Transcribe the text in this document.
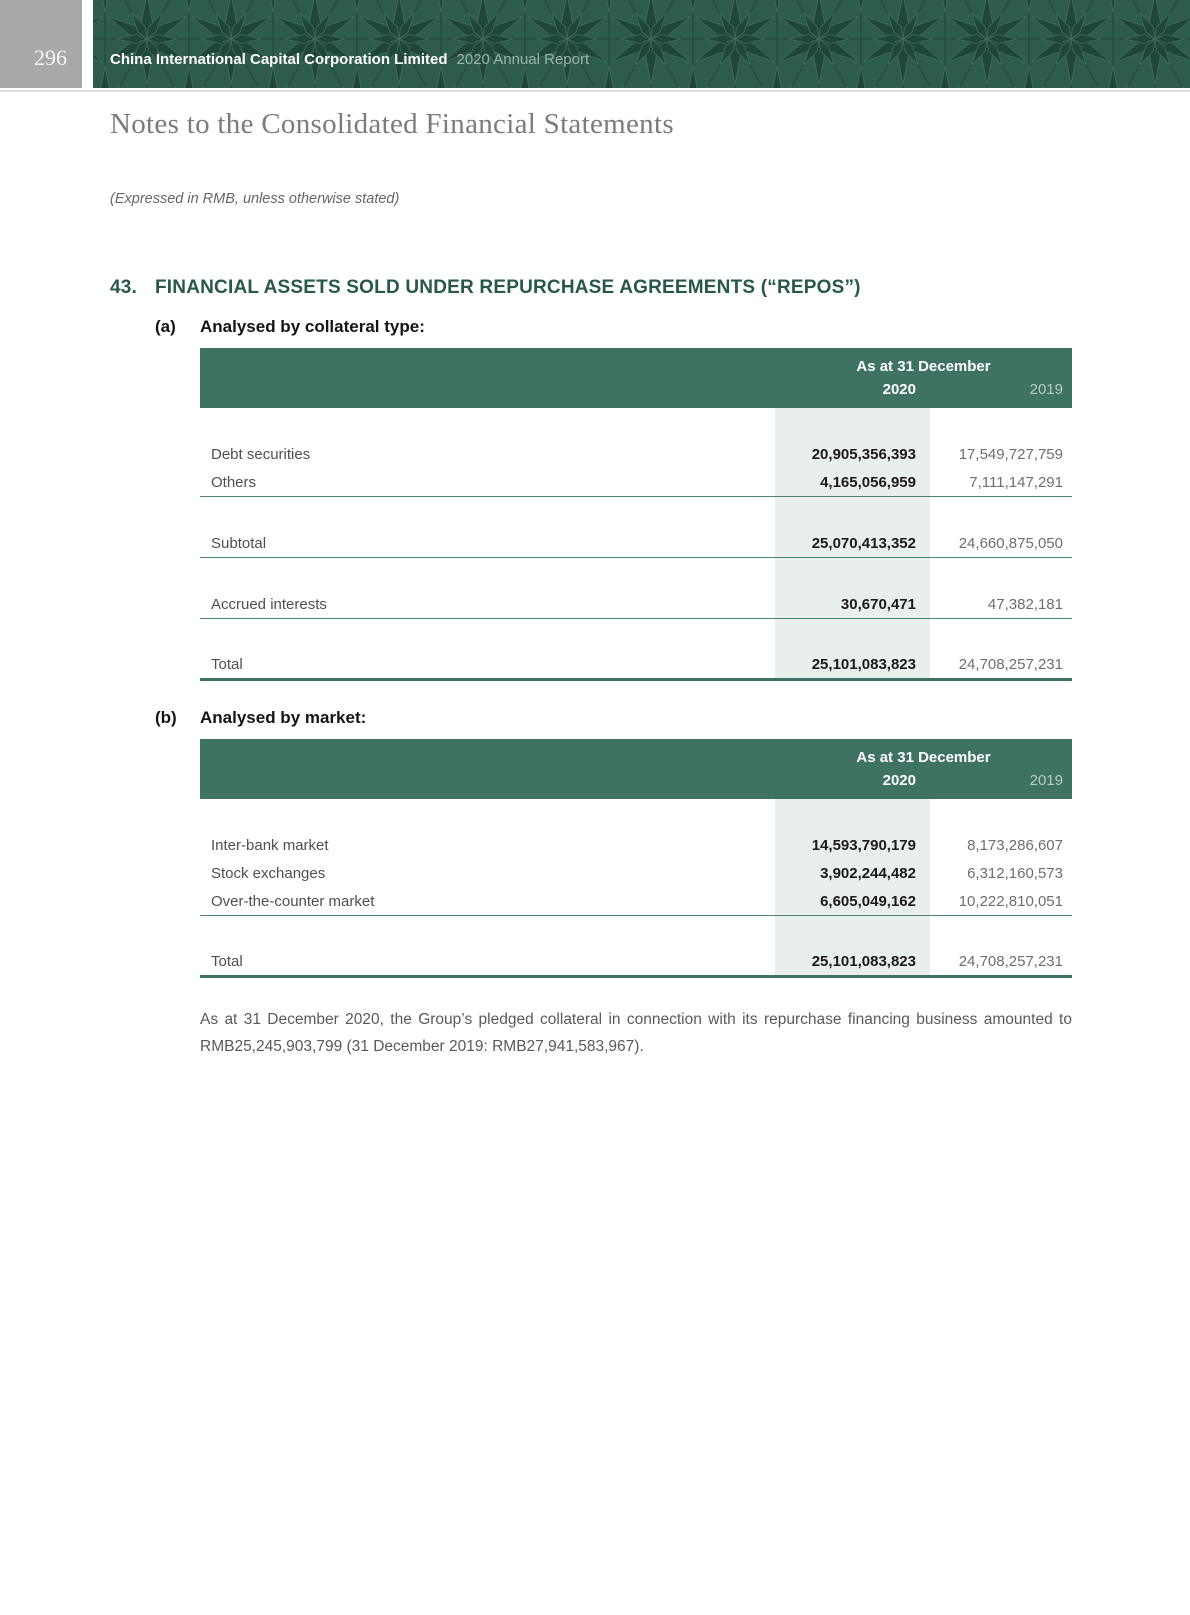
296	China International Capital Corporation Limited 2020 Annual Report
Notes to the Consolidated Financial Statements
(Expressed in RMB, unless otherwise stated)
43. FINANCIAL ASSETS SOLD UNDER REPURCHASE AGREEMENTS (“REPOS”)
(a)	Analysed by collateral type:
As at 31 December
2020	2019
Debt securities	20,905,356,393	17,549,727,759
Others	4,165,056,959	7,111,147,291
Subtotal	25,070,413,352	24,660,875,050
Accrued interests	30,670,471	47,382,181
Total	25,101,083,823	24,708,257,231
(b)	Analysed by market:
As at 31 December
2020	2019
Inter-bank market	14,593,790,179	8,173,286,607
Stock exchanges	3,902,244,482	6,312,160,573
Over-the-counter market	6,605,049,162	10,222,810,051
Total	25,101,083,823	24,708,257,231
As at 31 December 2020, the Group’s pledged collateral in connection with its repurchase financing business amounted to RMB25,245,903,799 (31 December 2019: RMB27,941,583,967).
